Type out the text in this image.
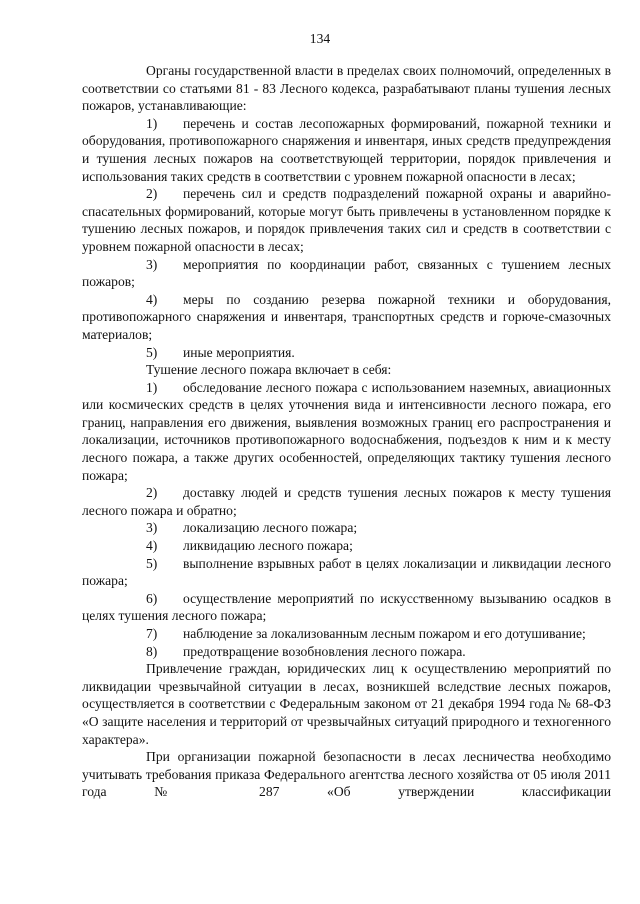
134

Органы государственной власти в пределах своих полномочий, определенных в соответствии со статьями 81 - 83 Лесного кодекса, разрабатывают планы тушения лесных пожаров, устанавливающие:

1) перечень и состав лесопожарных формирований, пожарной техники и оборудования, противопожарного снаряжения и инвентаря, иных средств предупреждения и тушения лесных пожаров на соответствующей территории, порядок привлечения и использования таких средств в соответствии с уровнем пожарной опасности в лесах;

2) перечень сил и средств подразделений пожарной охраны и аварийно-спасательных формирований, которые могут быть привлечены в установленном порядке к тушению лесных пожаров, и порядок привлечения таких сил и средств в соответствии с уровнем пожарной опасности в лесах;

3) мероприятия по координации работ, связанных с тушением лесных пожаров;

4) меры по созданию резерва пожарной техники и оборудования, противопожарного снаряжения и инвентаря, транспортных средств и горюче-смазочных материалов;

5) иные мероприятия.

Тушение лесного пожара включает в себя:

1) обследование лесного пожара с использованием наземных, авиационных или космических средств в целях уточнения вида и интенсивности лесного пожара, его границ, направления его движения, выявления возможных границ его распространения и локализации, источников противопожарного водоснабжения, подъездов к ним и к месту лесного пожара, а также других особенностей, определяющих тактику тушения лесного пожара;

2) доставку людей и средств тушения лесных пожаров к месту тушения лесного пожара и обратно;

3) локализацию лесного пожара;

4) ликвидацию лесного пожара;

5) выполнение взрывных работ в целях локализации и ликвидации лесного пожара;

6) осуществление мероприятий по искусственному вызыванию осадков в целях тушения лесного пожара;

7) наблюдение за локализованным лесным пожаром и его дотушивание;

8) предотвращение возобновления лесного пожара.

Привлечение граждан, юридических лиц к осуществлению мероприятий по ликвидации чрезвычайной ситуации в лесах, возникшей вследствие лесных пожаров, осуществляется в соответствии с Федеральным законом от 21 декабря 1994 года № 68-ФЗ «О защите населения и территорий от чрезвычайных ситуаций природного и техногенного характера».

При организации пожарной безопасности в лесах лесничества необходимо учитывать требования приказа Федерального агентства лесного хозяйства от 05 июля 2011 года № 287 «Об утверждении классификации
